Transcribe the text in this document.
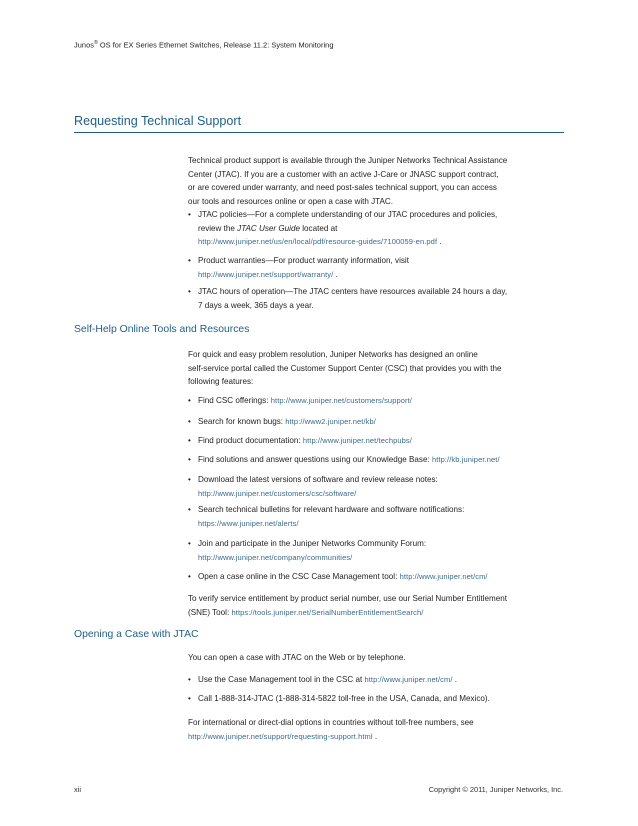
Junos® OS for EX Series Ethernet Switches, Release 11.2: System Monitoring
Requesting Technical Support
Technical product support is available through the Juniper Networks Technical Assistance
Center (JTAC). If you are a customer with an active J-Care or JNASC support contract,
or are covered under warranty, and need post-sales technical support, you can access
our tools and resources online or open a case with JTAC.
• JTAC policies—For a complete understanding of our JTAC procedures and policies,
review the JTAC User Guide located at
http://www.juniper.net/us/en/local/pdf/resource-guides/7100059-en.pdf .
• Product warranties—For product warranty information, visit
http://www.juniper.net/support/warranty/ .
• JTAC hours of operation—The JTAC centers have resources available 24 hours a day,
7 days a week, 365 days a year.
Self-Help Online Tools and Resources
For quick and easy problem resolution, Juniper Networks has designed an online
self-service portal called the Customer Support Center (CSC) that provides you with the
following features:
• Find CSC offerings: http://www.juniper.net/customers/support/
• Search for known bugs: http://www2.juniper.net/kb/
• Find product documentation: http://www.juniper.net/techpubs/
• Find solutions and answer questions using our Knowledge Base: http://kb.juniper.net/
• Download the latest versions of software and review release notes:
http://www.juniper.net/customers/csc/software/
• Search technical bulletins for relevant hardware and software notifications:
https://www.juniper.net/alerts/
• Join and participate in the Juniper Networks Community Forum:
http://www.juniper.net/company/communities/
• Open a case online in the CSC Case Management tool: http://www.juniper.net/cm/
To verify service entitlement by product serial number, use our Serial Number Entitlement
(SNE) Tool: https://tools.juniper.net/SerialNumberEntitlementSearch/
Opening a Case with JTAC
You can open a case with JTAC on the Web or by telephone.
• Use the Case Management tool in the CSC at http://www.juniper.net/cm/ .
• Call 1-888-314-JTAC (1-888-314-5822 toll-free in the USA, Canada, and Mexico).
For international or direct-dial options in countries without toll-free numbers, see
http://www.juniper.net/support/requesting-support.html .
xii	Copyright © 2011, Juniper Networks, Inc.
